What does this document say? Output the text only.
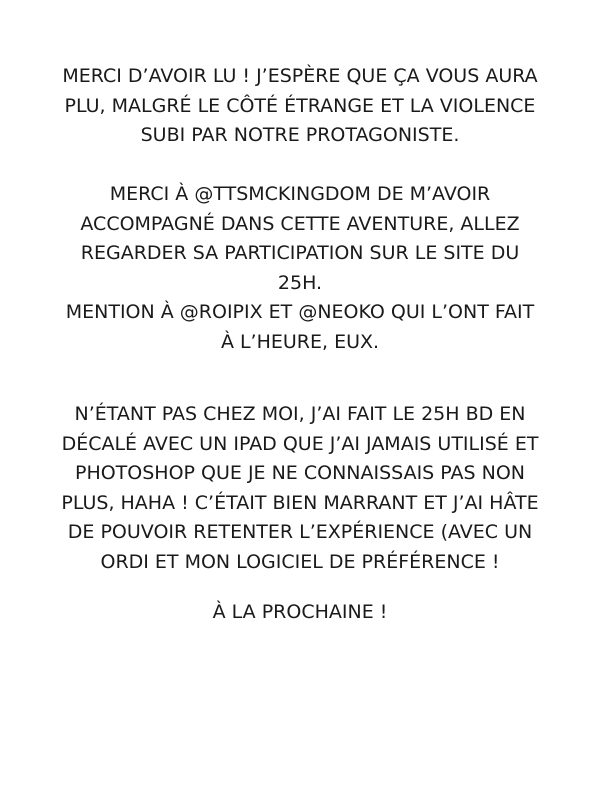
MERCI D’AVOIR LU ! J’ESPÈRE QUE ÇA VOUS AURA
PLU, MALGRÉ LE CÔTÉ ÉTRANGE ET LA VIOLENCE
SUBI PAR NOTRE PROTAGONISTE.

MERCI À @TTSMCKINGDOM DE M’AVOIR
ACCOMPAGNÉ DANS CETTE AVENTURE, ALLEZ
REGARDER SA PARTICIPATION SUR LE SITE DU
25H.
MENTION À @ROIPIX ET @NEOKO QUI L’ONT FAIT
À L’HEURE, EUX.

N’ÉTANT PAS CHEZ MOI, J’AI FAIT LE 25H BD EN
DÉCALÉ AVEC UN IPAD QUE J’AI JAMAIS UTILISÉ ET
PHOTOSHOP QUE JE NE CONNAISSAIS PAS NON
PLUS, HAHA ! C’ÉTAIT BIEN MARRANT ET J’AI HÂTE
DE POUVOIR RETENTER L’EXPÉRIENCE (AVEC UN
ORDI ET MON LOGICIEL DE PRÉFÉRENCE !

À LA PROCHAINE !
